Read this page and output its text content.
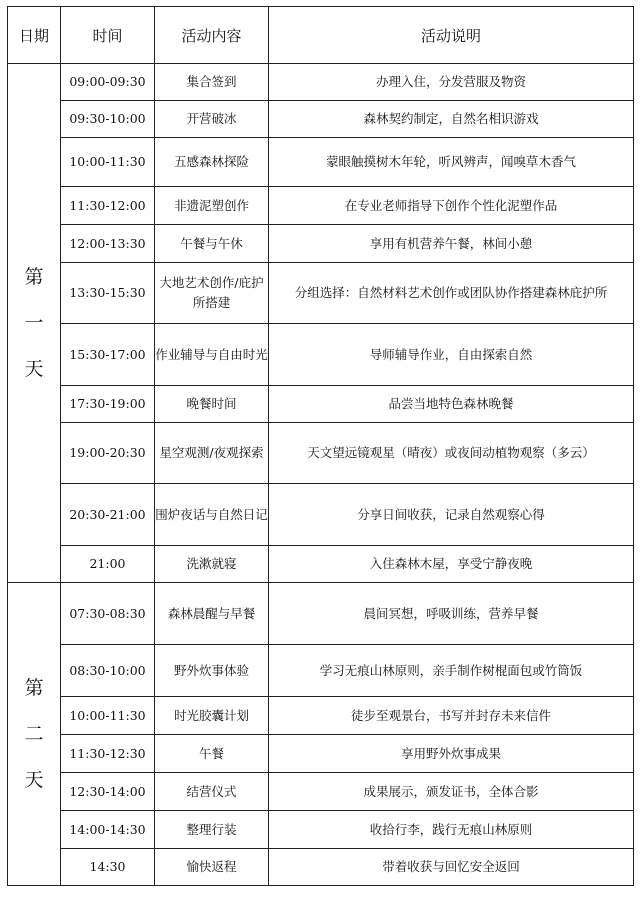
日期	时间	活动内容	活动说明

第
一
天	09:00-09:30	集合签到	办理入住，分发营服及物资
	09:30-10:00	开营破冰	森林契约制定，自然名相识游戏
	10:00-11:30	五感森林探险	蒙眼触摸树木年轮，听风辨声，闻嗅草木香气
	11:30-12:00	非遗泥塑创作	在专业老师指导下创作个性化泥塑作品
	12:00-13:30	午餐与午休	享用有机营养午餐，林间小憩
	13:30-15:30	大地艺术创作/庇护所搭建	分组选择：自然材料艺术创作或团队协作搭建森林庇护所
	15:30-17:00	作业辅导与自由时光	导师辅导作业，自由探索自然
	17:30-19:00	晚餐时间	品尝当地特色森林晚餐
	19:00-20:30	星空观测/夜观探索	天文望远镜观星（晴夜）或夜间动植物观察（多云）
	20:30-21:00	围炉夜话与自然日记	分享日间收获，记录自然观察心得
	21:00	洗漱就寝	入住森林木屋，享受宁静夜晚

第
二
天	07:30-08:30	森林晨醒与早餐	晨间冥想，呼吸训练，营养早餐
	08:30-10:00	野外炊事体验	学习无痕山林原则，亲手制作树棍面包或竹筒饭
	10:00-11:30	时光胶囊计划	徒步至观景台，书写并封存未来信件
	11:30-12:30	午餐	享用野外炊事成果
	12:30-14:00	结营仪式	成果展示，颁发证书，全体合影
	14:00-14:30	整理行装	收拾行李，践行无痕山林原则
	14:30	愉快返程	带着收获与回忆安全返回
